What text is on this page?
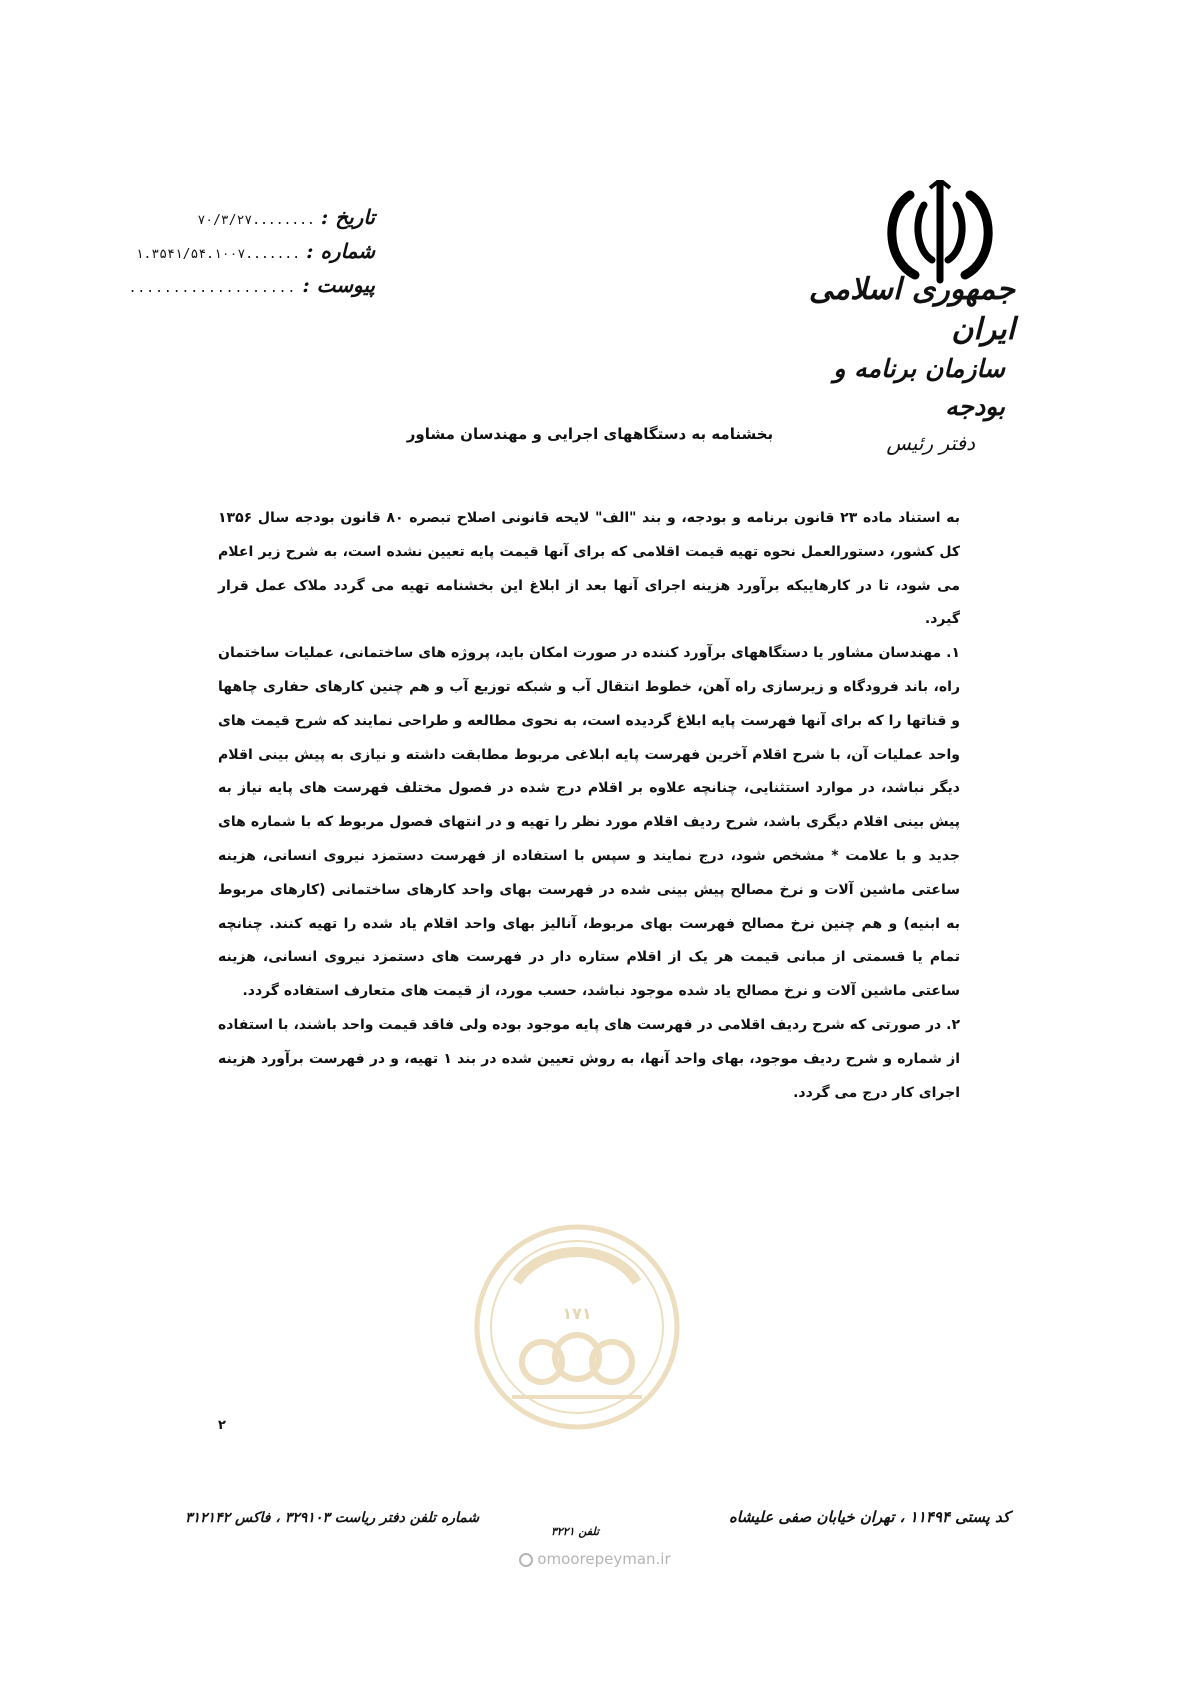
جمهوری اسلامی ایران
سازمان برنامه و بودجه
دفتر رئیس
تاریخ :
۷۰/۳/۲۷........
شماره :
۱.۳۵۴۱/۵۴.۱۰۰۷.......
پیوست :
...................
بخشنامه به دستگاههای اجرایی و مهندسان مشاور

به استناد ماده ۲۳ قانون برنامه و بودجه، و بند "الف" لایحه قانونی اصلاح تبصره ۸۰ قانون بودجه سال ۱۳۵۶ کل کشور، دستورالعمل نحوه تهیه قیمت اقلامی که برای آنها قیمت پایه تعیین نشده است، به شرح زیر اعلام می شود، تا در کارهاییکه برآورد هزینه اجرای آنها بعد از ابلاغ این بخشنامه تهیه می گردد ملاک عمل قرار گیرد.

۱. مهندسان مشاور یا دستگاههای برآورد کننده در صورت امکان باید، پروژه های ساختمانی، عملیات ساختمان راه، باند فرودگاه و زیرسازی راه آهن، خطوط انتقال آب و شبکه توزیع آب و هم چنین کارهای حفاری چاهها و قناتها را که برای آنها فهرست پایه ابلاغ گردیده است، به نحوی مطالعه و طراحی نمایند که شرح قیمت های واحد عملیات آن، با شرح اقلام آخرین فهرست پایه ابلاغی مربوط مطابقت داشته و نیازی به پیش بینی اقلام دیگر نباشد، در موارد استثنایی، چنانچه علاوه بر اقلام درج شده در فصول مختلف فهرست های پایه نیاز به پیش بینی اقلام دیگری باشد، شرح ردیف اقلام مورد نظر را تهیه و در انتهای فصول مربوط که با شماره های جدید و با علامت * مشخص شود، درج نمایند و سپس با استفاده از فهرست دستمزد نیروی انسانی، هزینه ساعتی ماشین آلات و نرخ مصالح پیش بینی شده در فهرست بهای واحد کارهای ساختمانی (کارهای مربوط به ابنیه) و هم چنین نرخ مصالح فهرست بهای مربوط، آنالیز بهای واحد اقلام یاد شده را تهیه کنند. چنانچه تمام یا قسمتی از مبانی قیمت هر یک از اقلام ستاره دار در فهرست های دستمزد نیروی انسانی، هزینه ساعتی ماشین آلات و نرخ مصالح یاد شده موجود نباشد، حسب مورد، از قیمت های متعارف استفاده گردد.

۲. در صورتی که شرح ردیف اقلامی در فهرست های پایه موجود بوده ولی فاقد قیمت واحد باشند، با استفاده از شماره و شرح ردیف موجود، بهای واحد آنها، به روش تعیین شده در بند ۱ تهیه، و در فهرست برآورد هزینه اجرای کار درج می گردد.

۲
۱۷۱
شماره تلفن دفتر ریاست ۳۲۹۱۰۳ ، فاکس ۳۱۲۱۴۲
تلفن ۳۲۲۱
کد پستی ۱۱۴۹۴ ، تهران خیابان صفی علیشاه
omoorepeyman.ir
